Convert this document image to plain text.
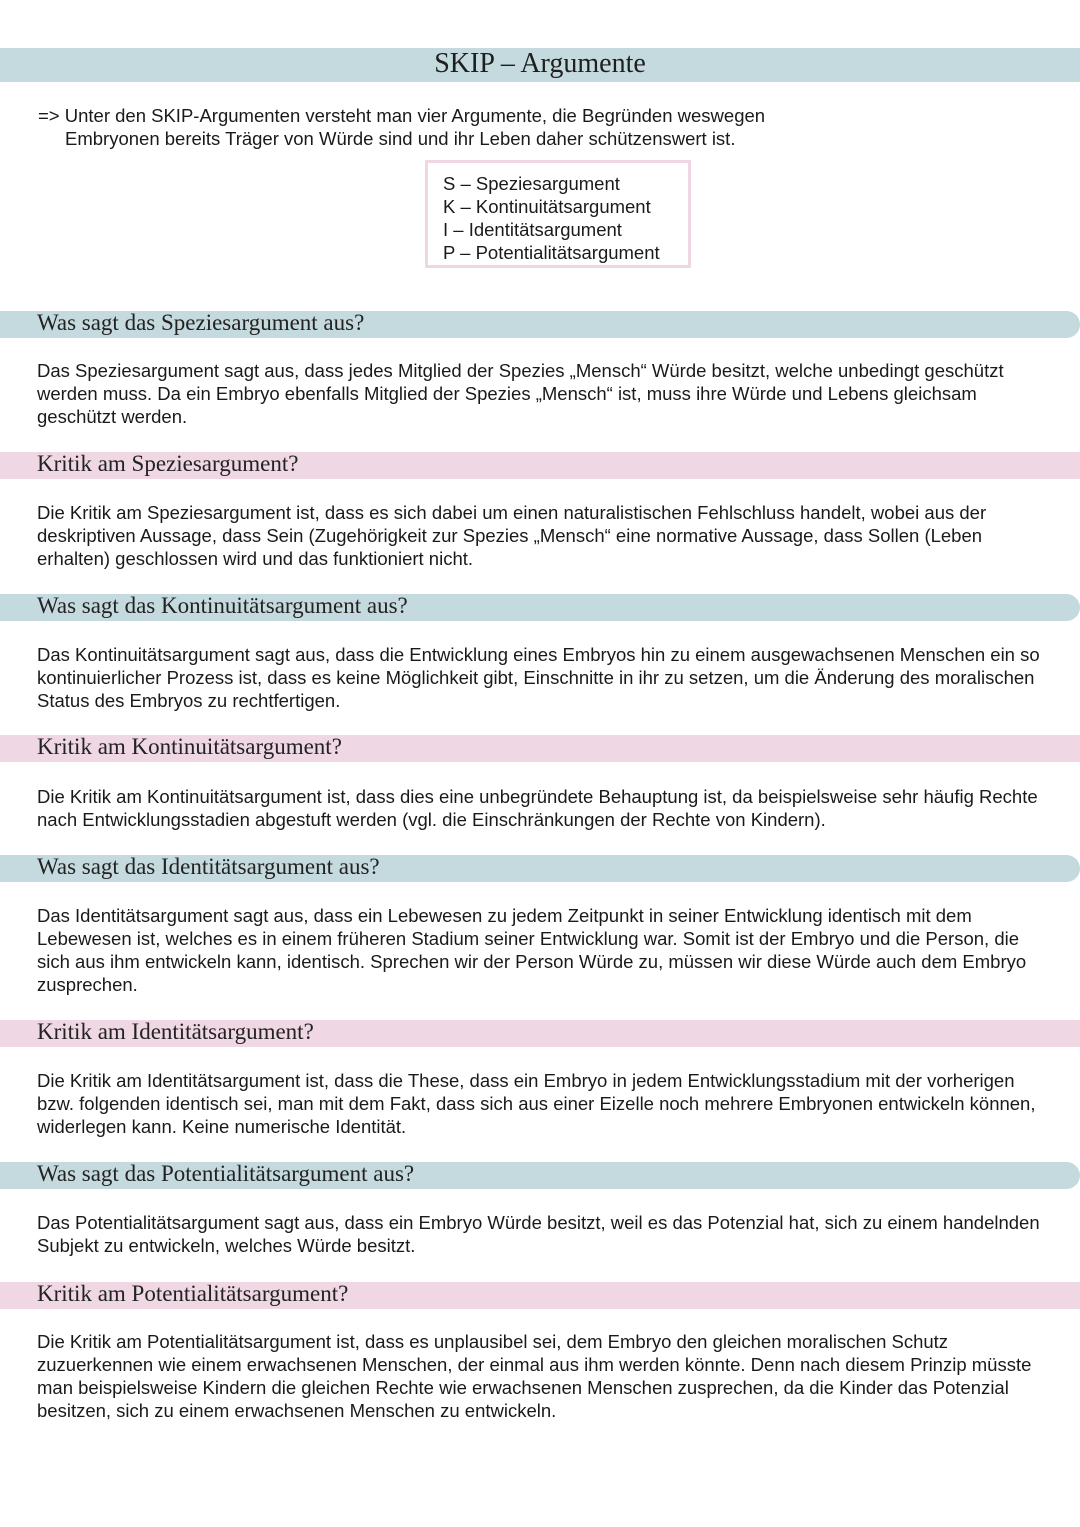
SKIP – Argumente
=> Unter den SKIP-Argumenten versteht man vier Argumente, die Begründen weswegen
Embryonen bereits Träger von Würde sind und ihr Leben daher schützenswert ist.
S – Speziesargument
K – Kontinuitätsargument
I – Identitätsargument
P – Potentialitätsargument
Was sagt das Speziesargument aus?
Das Speziesargument sagt aus, dass jedes Mitglied der Spezies „Mensch“ Würde besitzt, welche unbedingt geschützt werden muss. Da ein Embryo ebenfalls Mitglied der Spezies „Mensch“ ist, muss ihre Würde und Lebens gleichsam geschützt werden.
Kritik am Speziesargument?
Die Kritik am Speziesargument ist, dass es sich dabei um einen naturalistischen Fehlschluss handelt, wobei aus der deskriptiven Aussage, dass Sein (Zugehörigkeit zur Spezies „Mensch“ eine normative Aussage, dass Sollen (Leben erhalten) geschlossen wird und das funktioniert nicht.
Was sagt das Kontinuitätsargument aus?
Das Kontinuitätsargument sagt aus, dass die Entwicklung eines Embryos hin zu einem ausgewachsenen Menschen ein so kontinuierlicher Prozess ist, dass es keine Möglichkeit gibt, Einschnitte in ihr zu setzen, um die Änderung des moralischen Status des Embryos zu rechtfertigen.
Kritik am Kontinuitätsargument?
Die Kritik am Kontinuitätsargument ist, dass dies eine unbegründete Behauptung ist, da beispielsweise sehr häufig Rechte nach Entwicklungsstadien abgestuft werden (vgl. die Einschränkungen der Rechte von Kindern).
Was sagt das Identitätsargument aus?
Das Identitätsargument sagt aus, dass ein Lebewesen zu jedem Zeitpunkt in seiner Entwicklung identisch mit dem Lebewesen ist, welches es in einem früheren Stadium seiner Entwicklung war. Somit ist der Embryo und die Person, die sich aus ihm entwickeln kann, identisch. Sprechen wir der Person Würde zu, müssen wir diese Würde auch dem Embryo zusprechen.
Kritik am Identitätsargument?
Die Kritik am Identitätsargument ist, dass die These, dass ein Embryo in jedem Entwicklungsstadium mit der vorherigen bzw. folgenden identisch sei, man mit dem Fakt, dass sich aus einer Eizelle noch mehrere Embryonen entwickeln können, widerlegen kann. Keine numerische Identität.
Was sagt das Potentialitätsargument aus?
Das Potentialitätsargument sagt aus, dass ein Embryo Würde besitzt, weil es das Potenzial hat, sich zu einem handelnden Subjekt zu entwickeln, welches Würde besitzt.
Kritik am Potentialitätsargument?
Die Kritik am Potentialitätsargument ist, dass es unplausibel sei, dem Embryo den gleichen moralischen Schutz zuzuerkennen wie einem erwachsenen Menschen, der einmal aus ihm werden könnte. Denn nach diesem Prinzip müsste man beispielsweise Kindern die gleichen Rechte wie erwachsenen Menschen zusprechen, da die Kinder das Potenzial besitzen, sich zu einem erwachsenen Menschen zu entwickeln.
